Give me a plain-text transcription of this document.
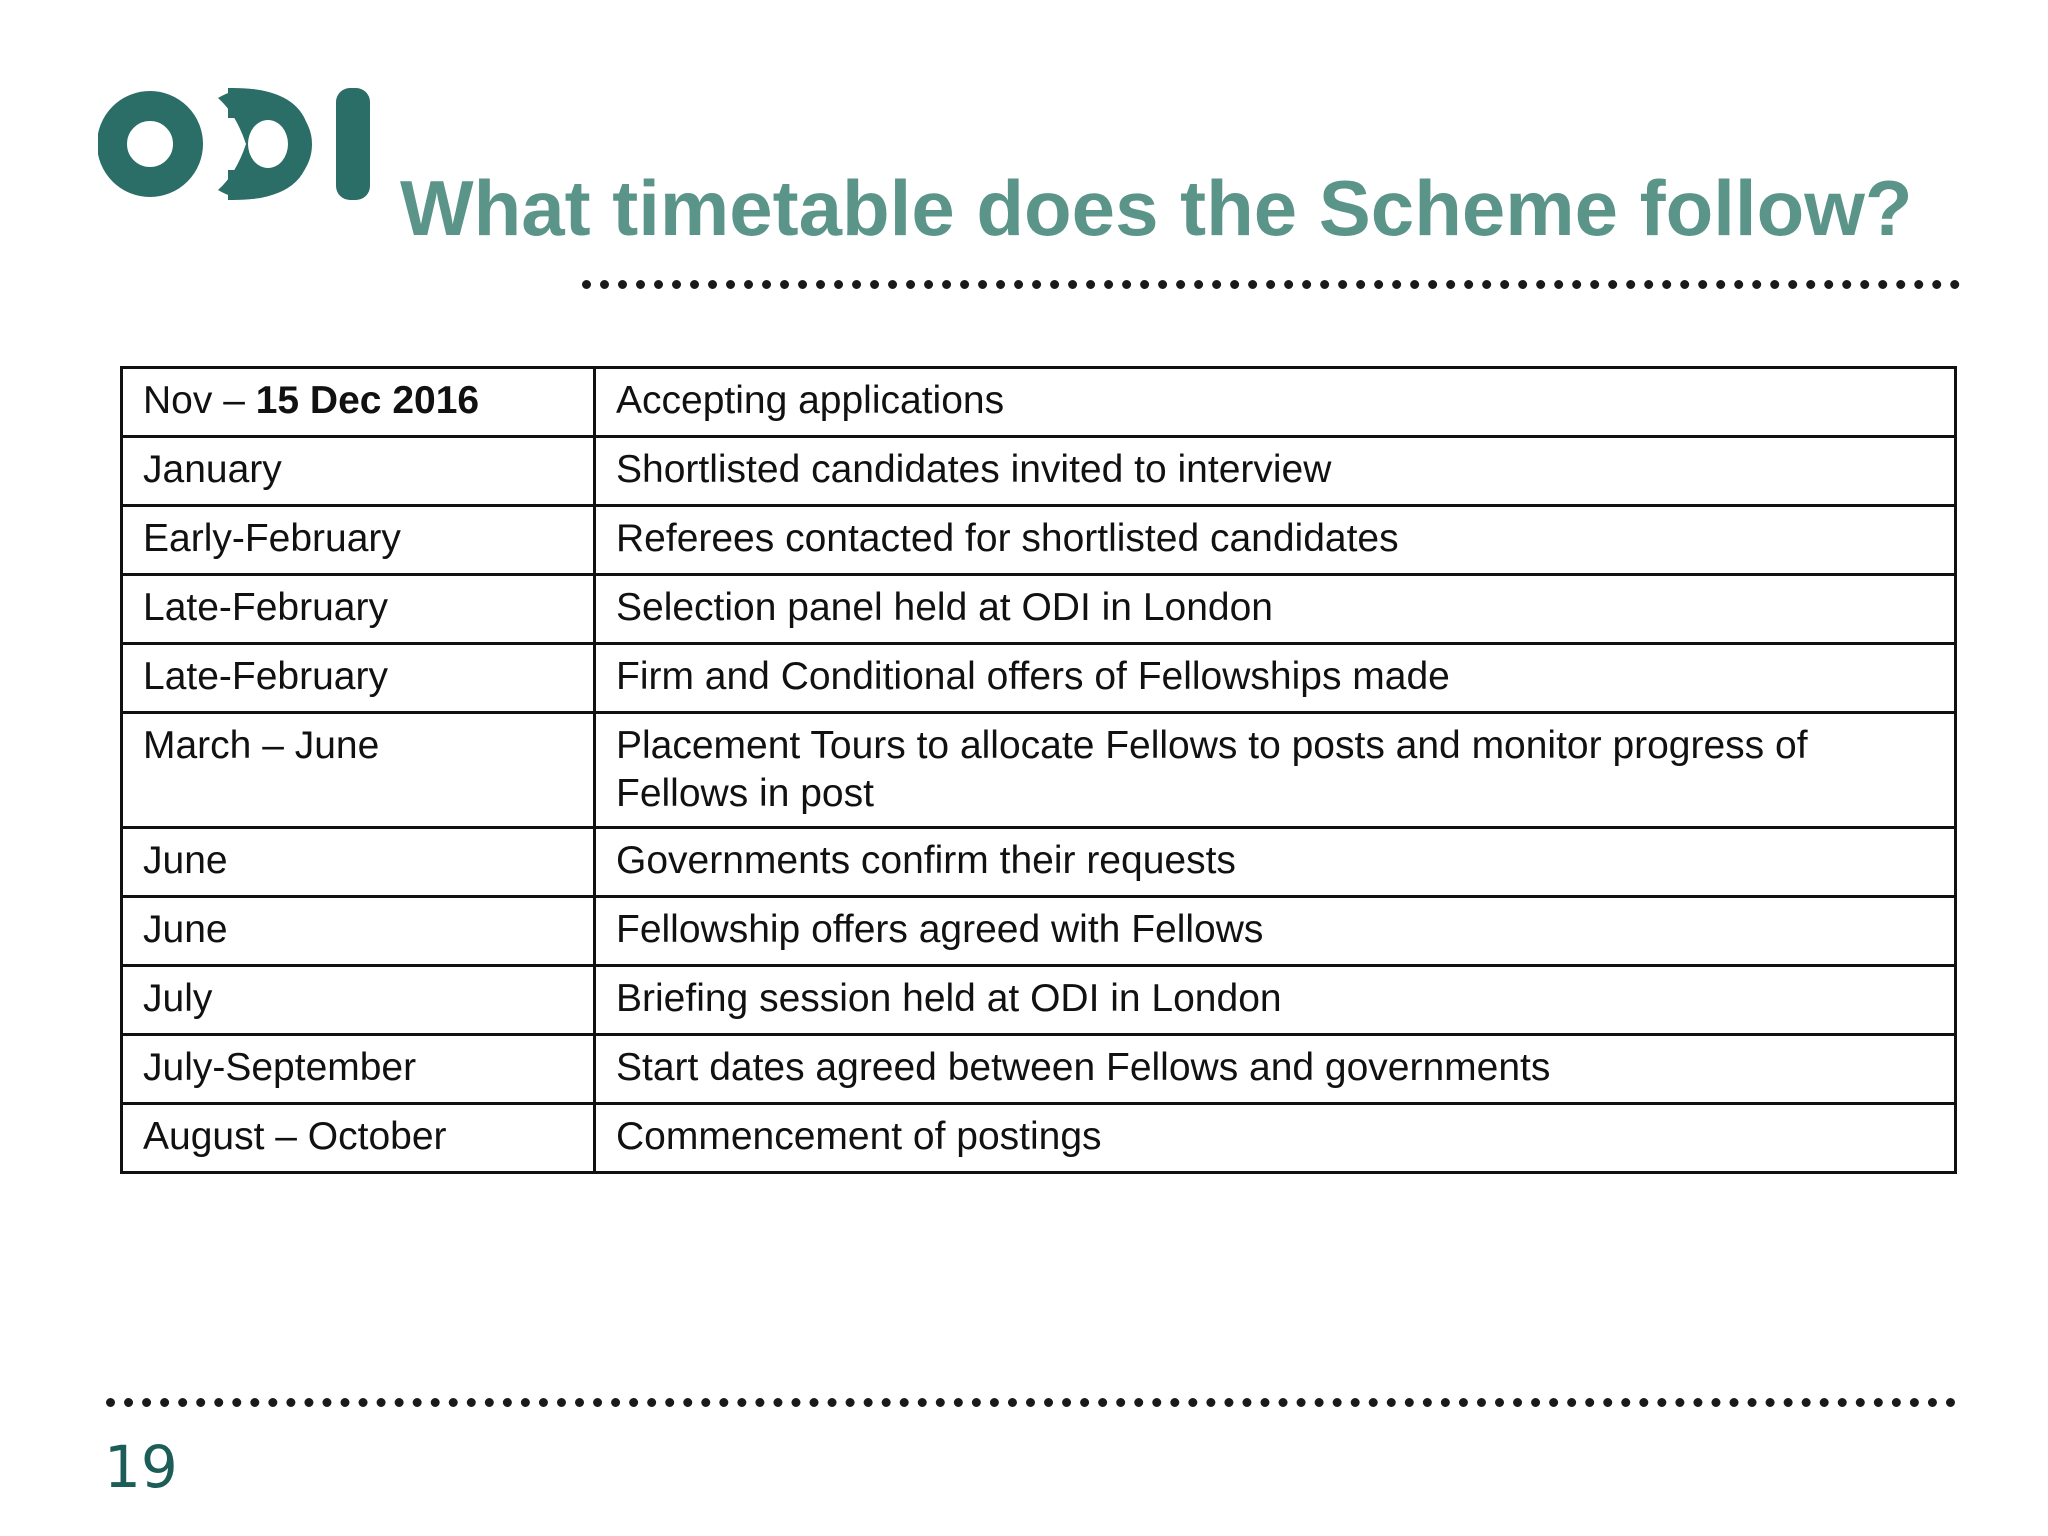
What timetable does the Scheme follow?
Nov – 15 Dec 2016	Accepting applications
January	Shortlisted candidates invited to interview
Early-February	Referees contacted for shortlisted candidates
Late-February	Selection panel held at ODI in London
Late-February	Firm and Conditional offers of Fellowships made
March – June	Placement Tours to allocate Fellows to posts and monitor progress of Fellows in post
June	Governments confirm their requests
June	Fellowship offers agreed with Fellows
July	Briefing session held at ODI in London
July-September	Start dates agreed between Fellows and governments
August – October	Commencement of postings
19
